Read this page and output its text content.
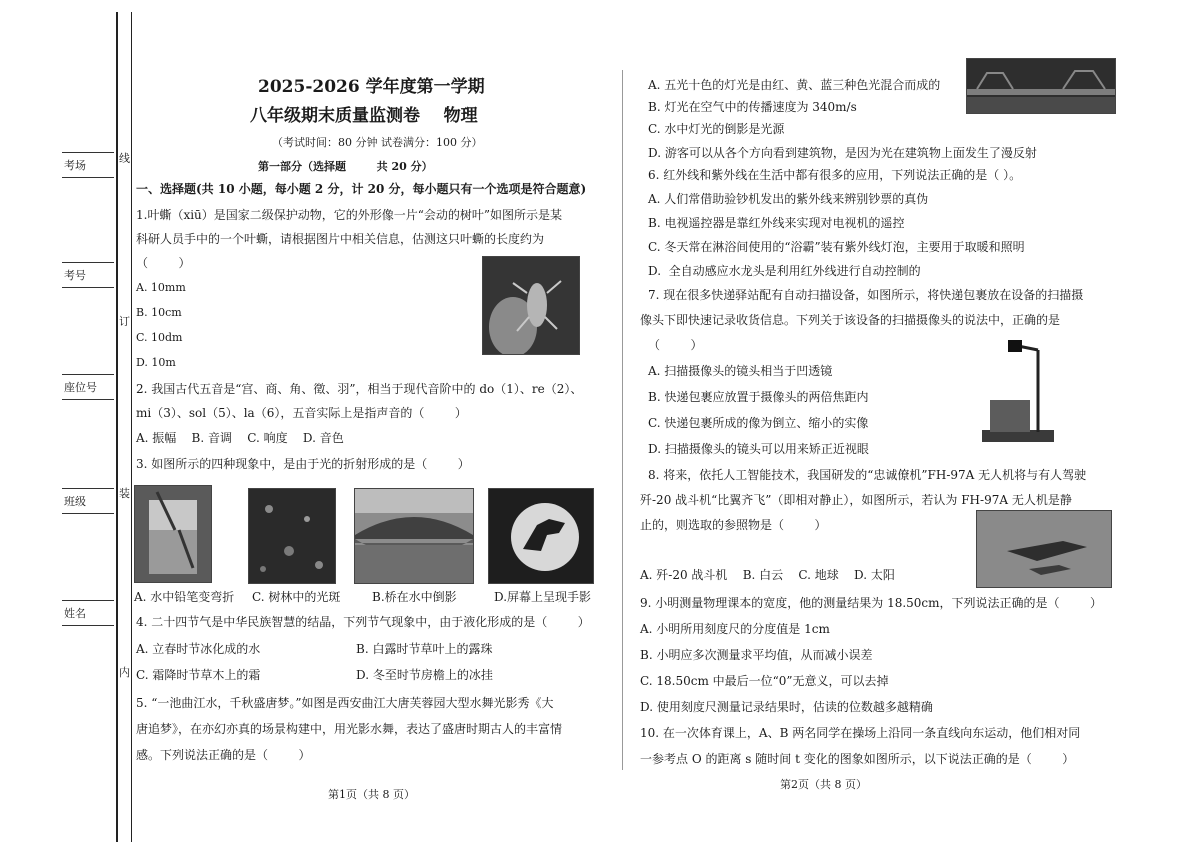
考场
考号
座位号
班级
姓名
线
订
装
内
2025-2026 学年度第一学期
八年级期末质量监测卷    物理
（考试时间：80 分钟 试卷满分：100 分）
第一部分（选择题        共 20 分）
一、选择题(共 10 小题，每小题 2 分，计 20 分，每小题只有一个选项是符合题意)
1.叶蟖（xiū）是国家二级保护动物，它的外形像一片“会动的树叶”如图所示是某
科研人员手中的一个叶蟖，请根据图片中相关信息，估测这只叶蟖的长度约为
（        ）
A. 10mm
B. 10cm
C. 10dm
D. 10m
2. 我国古代五音是“宫、商、角、徵、羽”，相当于现代音阶中的 do（1）、re（2）、
mi（3）、sol（5）、la（6），五音实际上是指声音的（        ）
A. 振幅    B. 音调    C. 响度    D. 音色
3. 如图所示的四种现象中，是由于光的折射形成的是（        ）
A. 水中铅笔变弯折 C. 树林中的光斑	B.桥在水中倒影	D.屏幕上呈现手影
4. 二十四节气是中华民族智慧的结晶，下列节气现象中，由于液化形成的是（        ）
A. 立春时节冰化成的水	B. 白露时节草叶上的露珠
C. 霜降时节草木上的霜	D. 冬至时节房檐上的冰挂
5. “一池曲江水，千秋盛唐梦。”如图是西安曲江大唐芙蓉园大型水舞光影秀《大
唐追梦》，在亦幻亦真的场景构建中，用光影水舞，表达了盛唐时期古人的丰富情
感。下列说法正确的是（        ）
第1页（共 8 页）
A. 五光十色的灯光是由红、黄、蓝三种色光混合而成的
B. 灯光在空气中的传播速度为 340m/s
C. 水中灯光的倒影是光源
D. 游客可以从各个方向看到建筑物，是因为光在建筑物上面发生了漫反射
6. 红外线和紫外线在生活中都有很多的应用，下列说法正确的是（ ）。
A. 人们常借助验钞机发出的紫外线来辨别钞票的真伪
B. 电视遥控器是靠红外线来实现对电视机的遥控
C. 冬天常在淋浴间使用的“浴霸”装有紫外线灯泡，主要用于取暖和照明
D.  全自动感应水龙头是利用红外线进行自动控制的
7. 现在很多快递驿站配有自动扫描设备，如图所示，将快递包裹放在设备的扫描摄
像头下即快速记录收货信息。下列关于该设备的扫描摄像头的说法中，正确的是
（        ）
A. 扫描摄像头的镜头相当于凹透镜
B. 快递包裹应放置于摄像头的两倍焦距内
C. 快递包裹所成的像为倒立、缩小的实像
D. 扫描摄像头的镜头可以用来矫正近视眼
8. 将来，依托人工智能技术，我国研发的“忠诚僚机”FH-97A 无人机将与有人驾驶
歼-20 战斗机“比翼齐飞”（即相对静止），如图所示，若认为 FH-97A 无人机是静
止的，则选取的参照物是（        ）
A. 歼-20 战斗机    B. 白云    C. 地球    D. 太阳
9. 小明测量物理课本的宽度，他的测量结果为 18.50cm，下列说法正确的是（        ）
A. 小明所用刻度尺的分度值是 1cm
B. 小明应多次测量求平均值，从而减小误差
C. 18.50cm 中最后一位“0”无意义，可以去掉
D. 使用刻度尺测量记录结果时，估读的位数越多越精确
10. 在一次体育课上，A、B 两名同学在操场上沿同一条直线向东运动，他们相对同
一参考点 O 的距离 s 随时间 t 变化的图象如图所示，以下说法正确的是（        ）
第2页（共 8 页）
